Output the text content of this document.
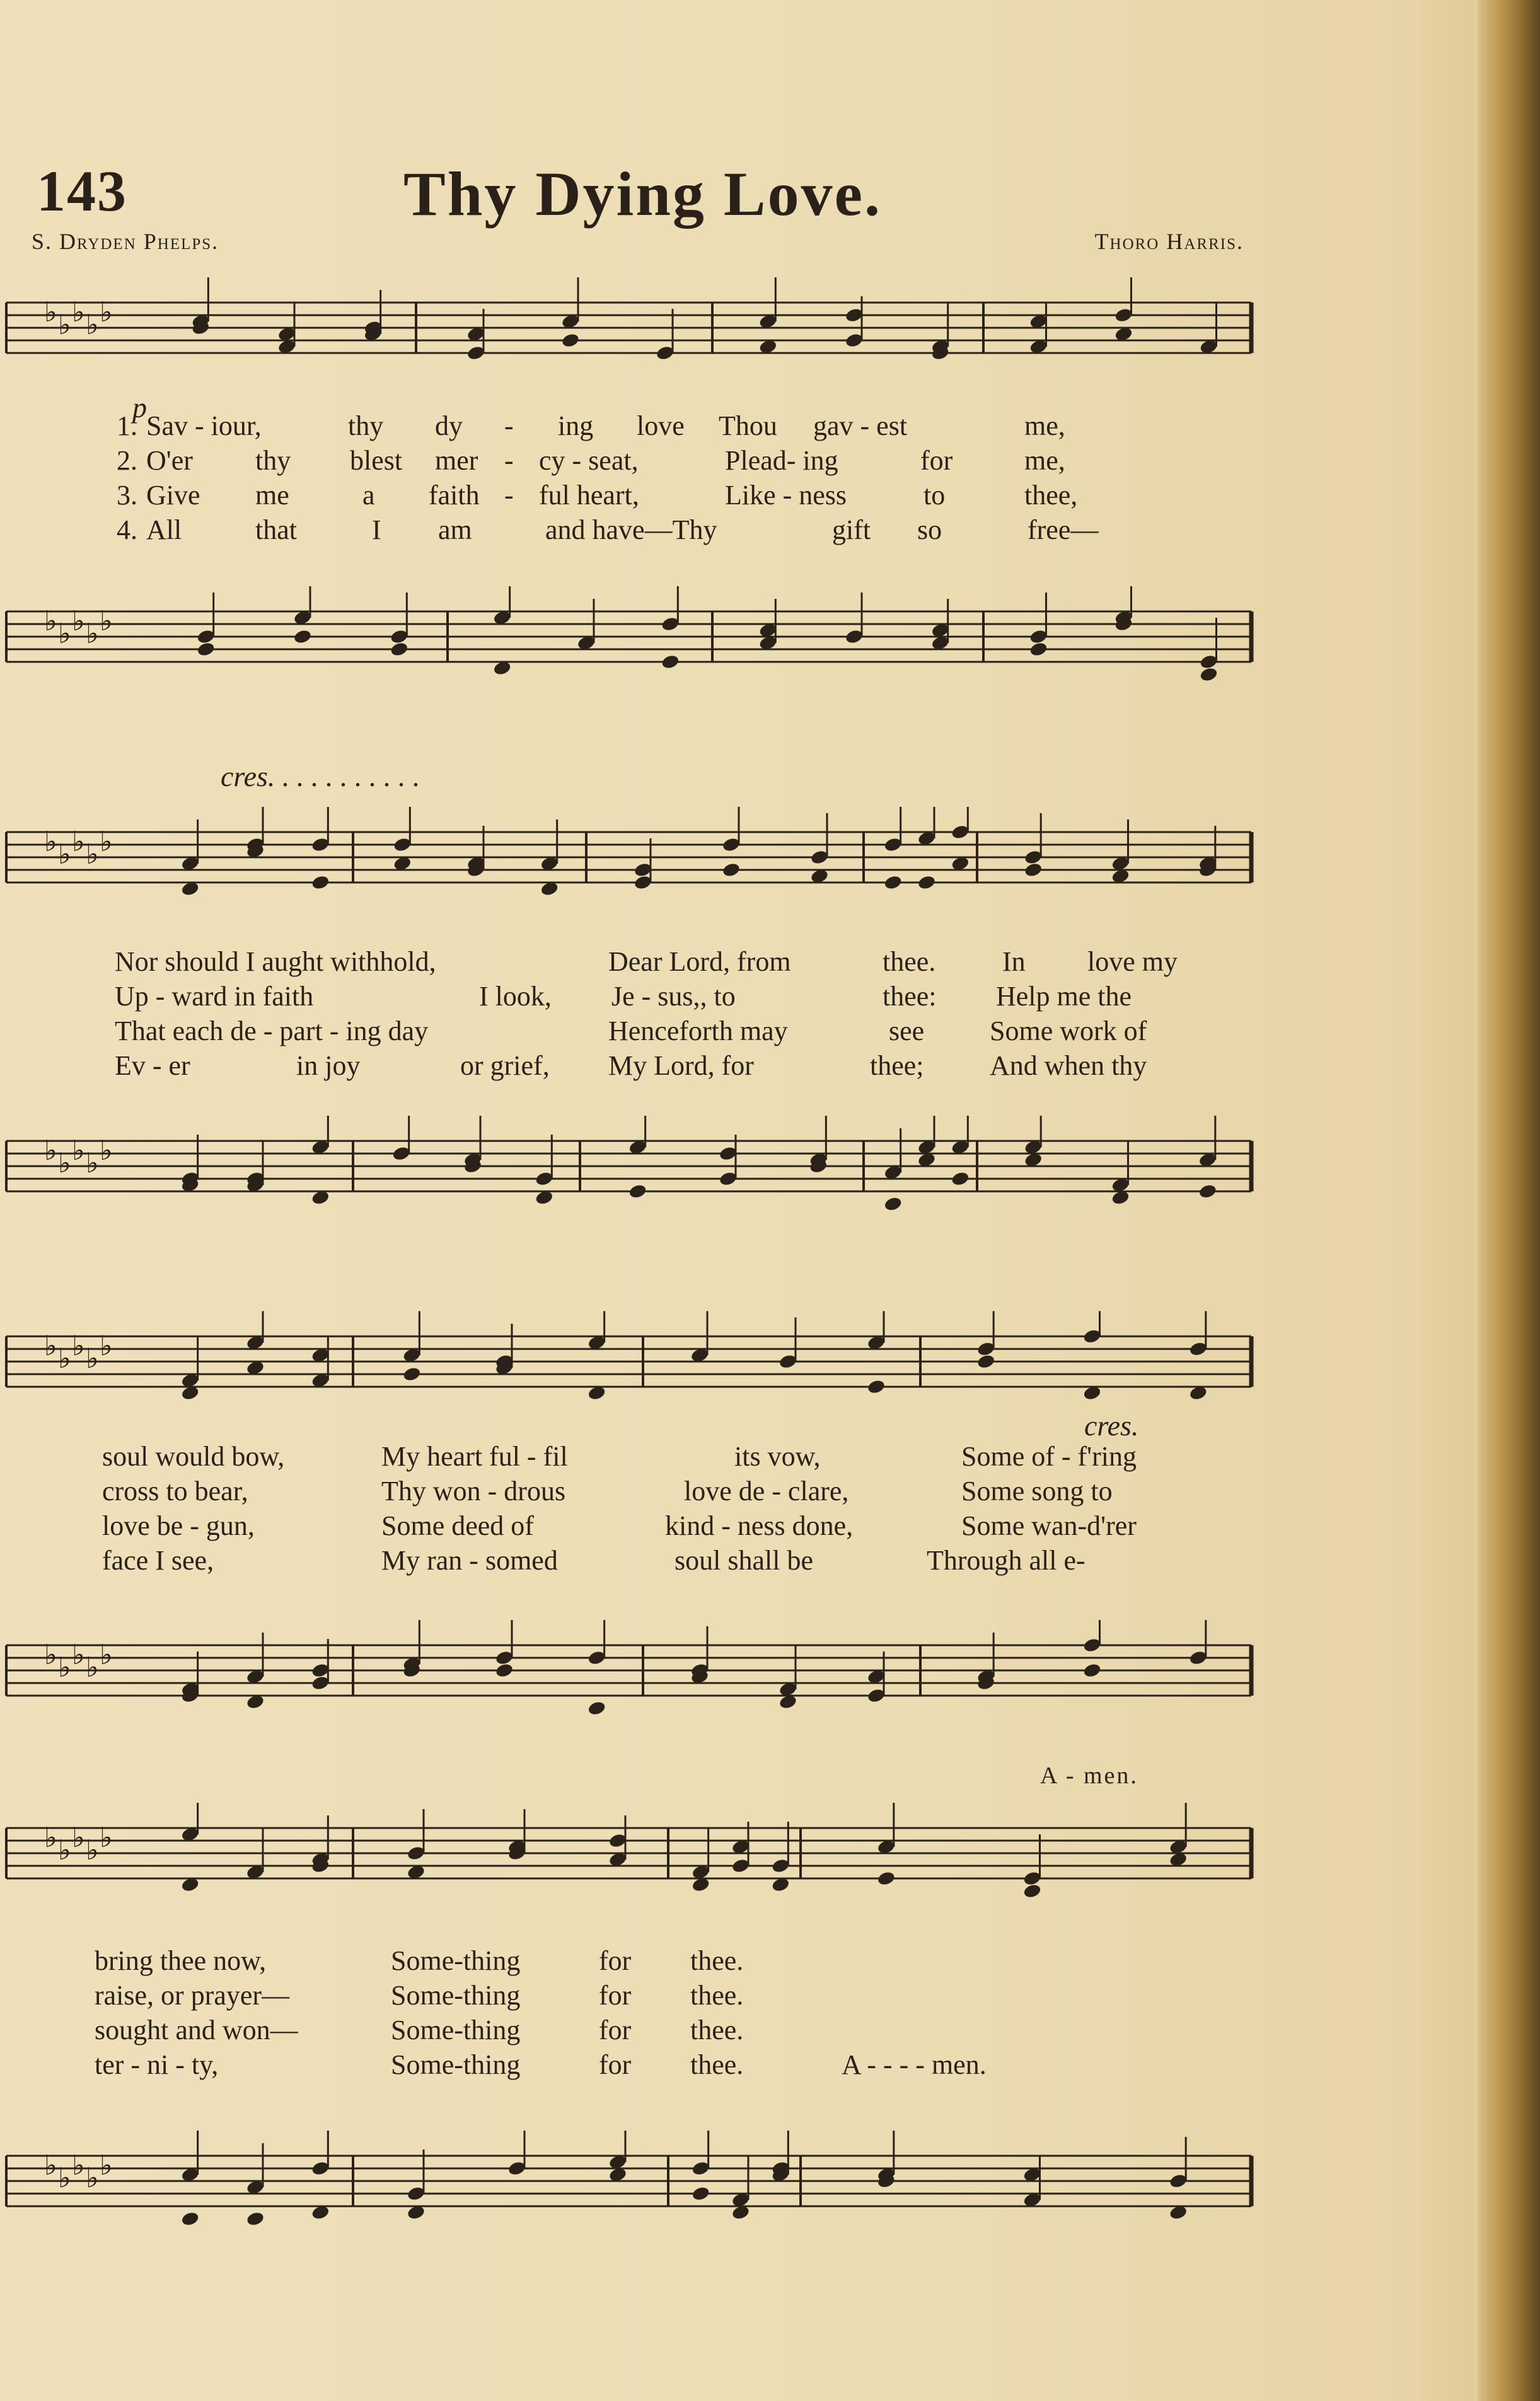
143	Thy Dying Love.
S. Dryden Phelps.	Thoro Harris.
♭ ♭ ♭ ♭ ♭
♭ ♭ ♭ ♭ ♭
♭ ♭ ♭ ♭ ♭
♭ ♭ ♭ ♭ ♭
♭ ♭ ♭ ♭ ♭
♭ ♭ ♭ ♭ ♭
♭ ♭ ♭ ♭ ♭
♭ ♭ ♭ ♭ ♭
p
cres. . . . . . . . . . .
cres.
A - men.
1. Sav - iour,	thy dy - ing love Thou gav - est	me,
2. O'er thy blest mer - cy - seat,	Plead- ing	for	me,
3. Give me	a faith - ful heart,	Like - ness	to	thee,
4. All	that	I am	and have—Thy	gift so	free—
Nor should I aught withhold,	Dear Lord, from	thee. In love my
Up - ward in faith	I look, Je - sus,, to	thee: Help me the
That each de - part - ing day	Henceforth may	see Some work of
Ev - er	in joy	or grief, My Lord, for	thee; And when thy
soul would bow,	My heart ful - fil	its vow,	Some of - f'ring
cross to bear,	Thy won - drous	love de - clare,	Some song to
love be - gun,	Some deed of	kind - ness done,	Some wan-d'rer
face I see,	My ran - somed	soul shall be	Through all e-
bring thee now,	Some-thing	for thee.
raise, or prayer—	Some-thing	for thee.
sought and won—	Some-thing	for thee.
ter - ni - ty,	Some-thing	for thee.	A - - - - men.
